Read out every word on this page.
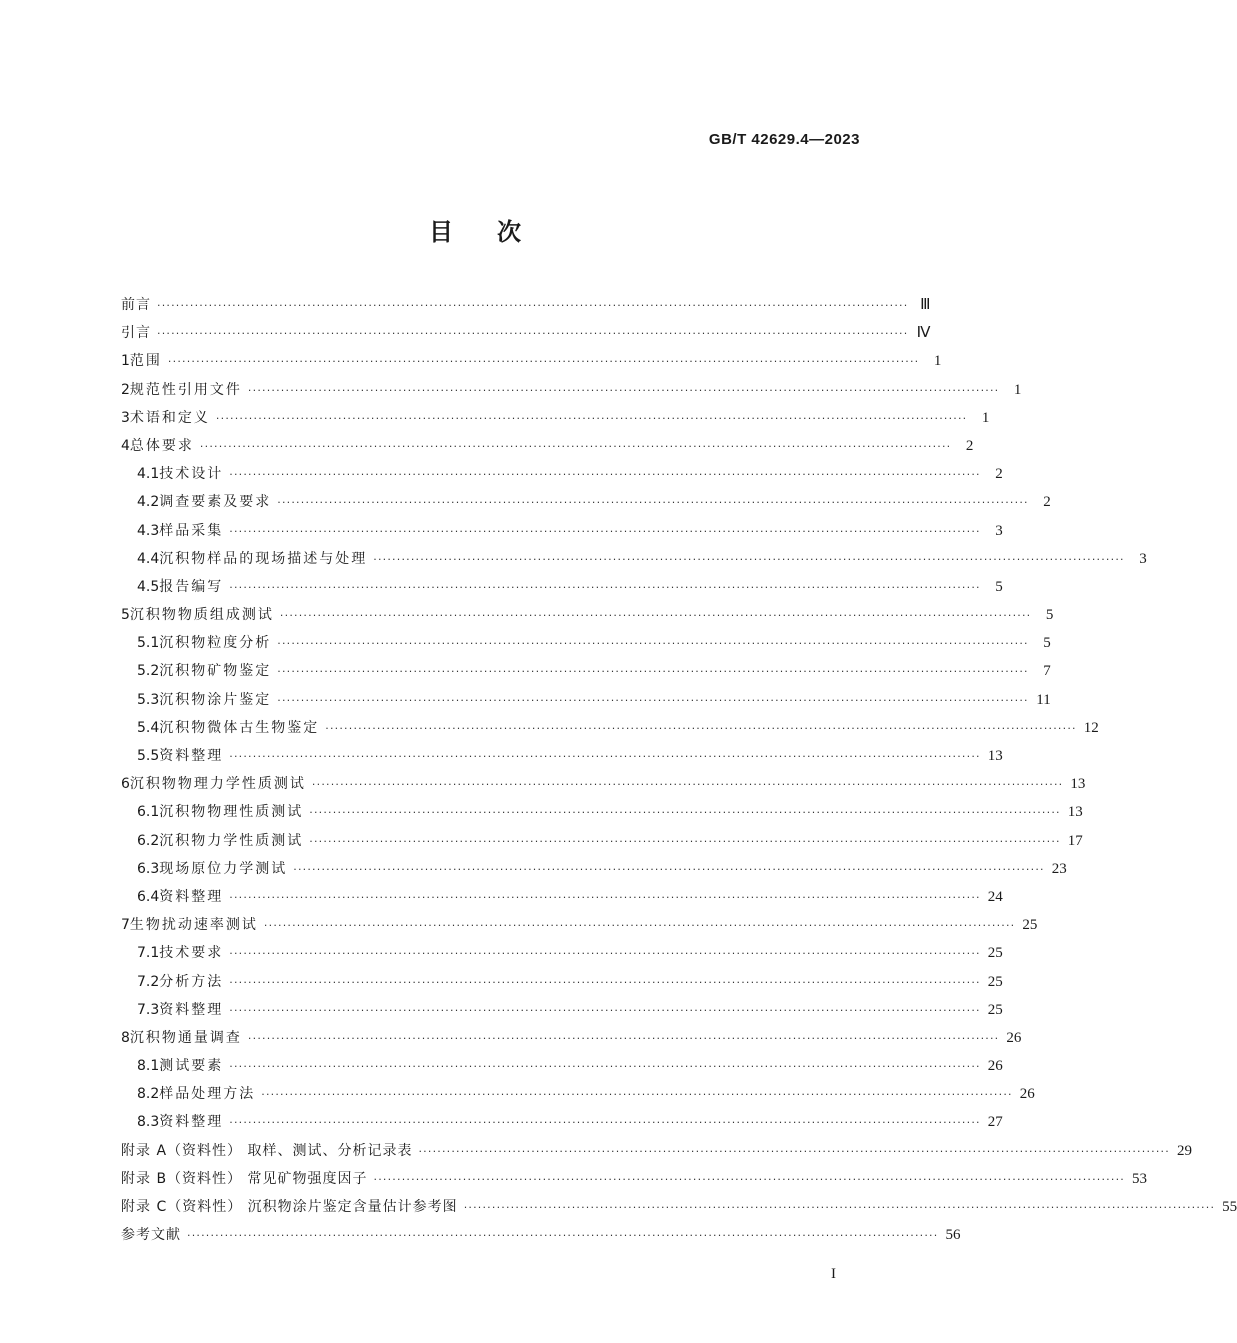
GB/T 42629.4—2023
目次
前言 ································································································································································ Ⅲ
引言 ································································································································································ Ⅳ
1 范围 ································································································································································ 1
2 规范性引用文件 ································································································································································ 1
3 术语和定义 ································································································································································ 1
4 总体要求 ································································································································································ 2
4.1 技术设计 ································································································································································ 2
4.2 调查要素及要求 ································································································································································ 2
4.3 样品采集 ································································································································································ 3
4.4 沉积物样品的现场描述与处理 ································································································································································ 3
4.5 报告编写 ································································································································································ 5
5 沉积物物质组成测试 ································································································································································ 5
5.1 沉积物粒度分析 ································································································································································ 5
5.2 沉积物矿物鉴定 ································································································································································ 7
5.3 沉积物涂片鉴定 ································································································································································ 11
5.4 沉积物微体古生物鉴定 ································································································································································ 12
5.5 资料整理 ································································································································································ 13
6 沉积物物理力学性质测试 ································································································································································ 13
6.1 沉积物物理性质测试 ································································································································································ 13
6.2 沉积物力学性质测试 ································································································································································ 17
6.3 现场原位力学测试 ································································································································································ 23
6.4 资料整理 ································································································································································ 24
7 生物扰动速率测试 ································································································································································ 25
7.1 技术要求 ································································································································································ 25
7.2 分析方法 ································································································································································ 25
7.3 资料整理 ································································································································································ 25
8 沉积物通量调查 ································································································································································ 26
8.1 测试要素 ································································································································································ 26
8.2 样品处理方法 ································································································································································ 26
8.3 资料整理 ································································································································································ 27
附录 A（资料性） 取样、测试、分析记录表 ································································································································································ 29
附录 B（资料性） 常见矿物强度因子 ································································································································································ 53
附录 C（资料性） 沉积物涂片鉴定含量估计参考图 ································································································································································ 55
参考文献 ································································································································································ 56
I
